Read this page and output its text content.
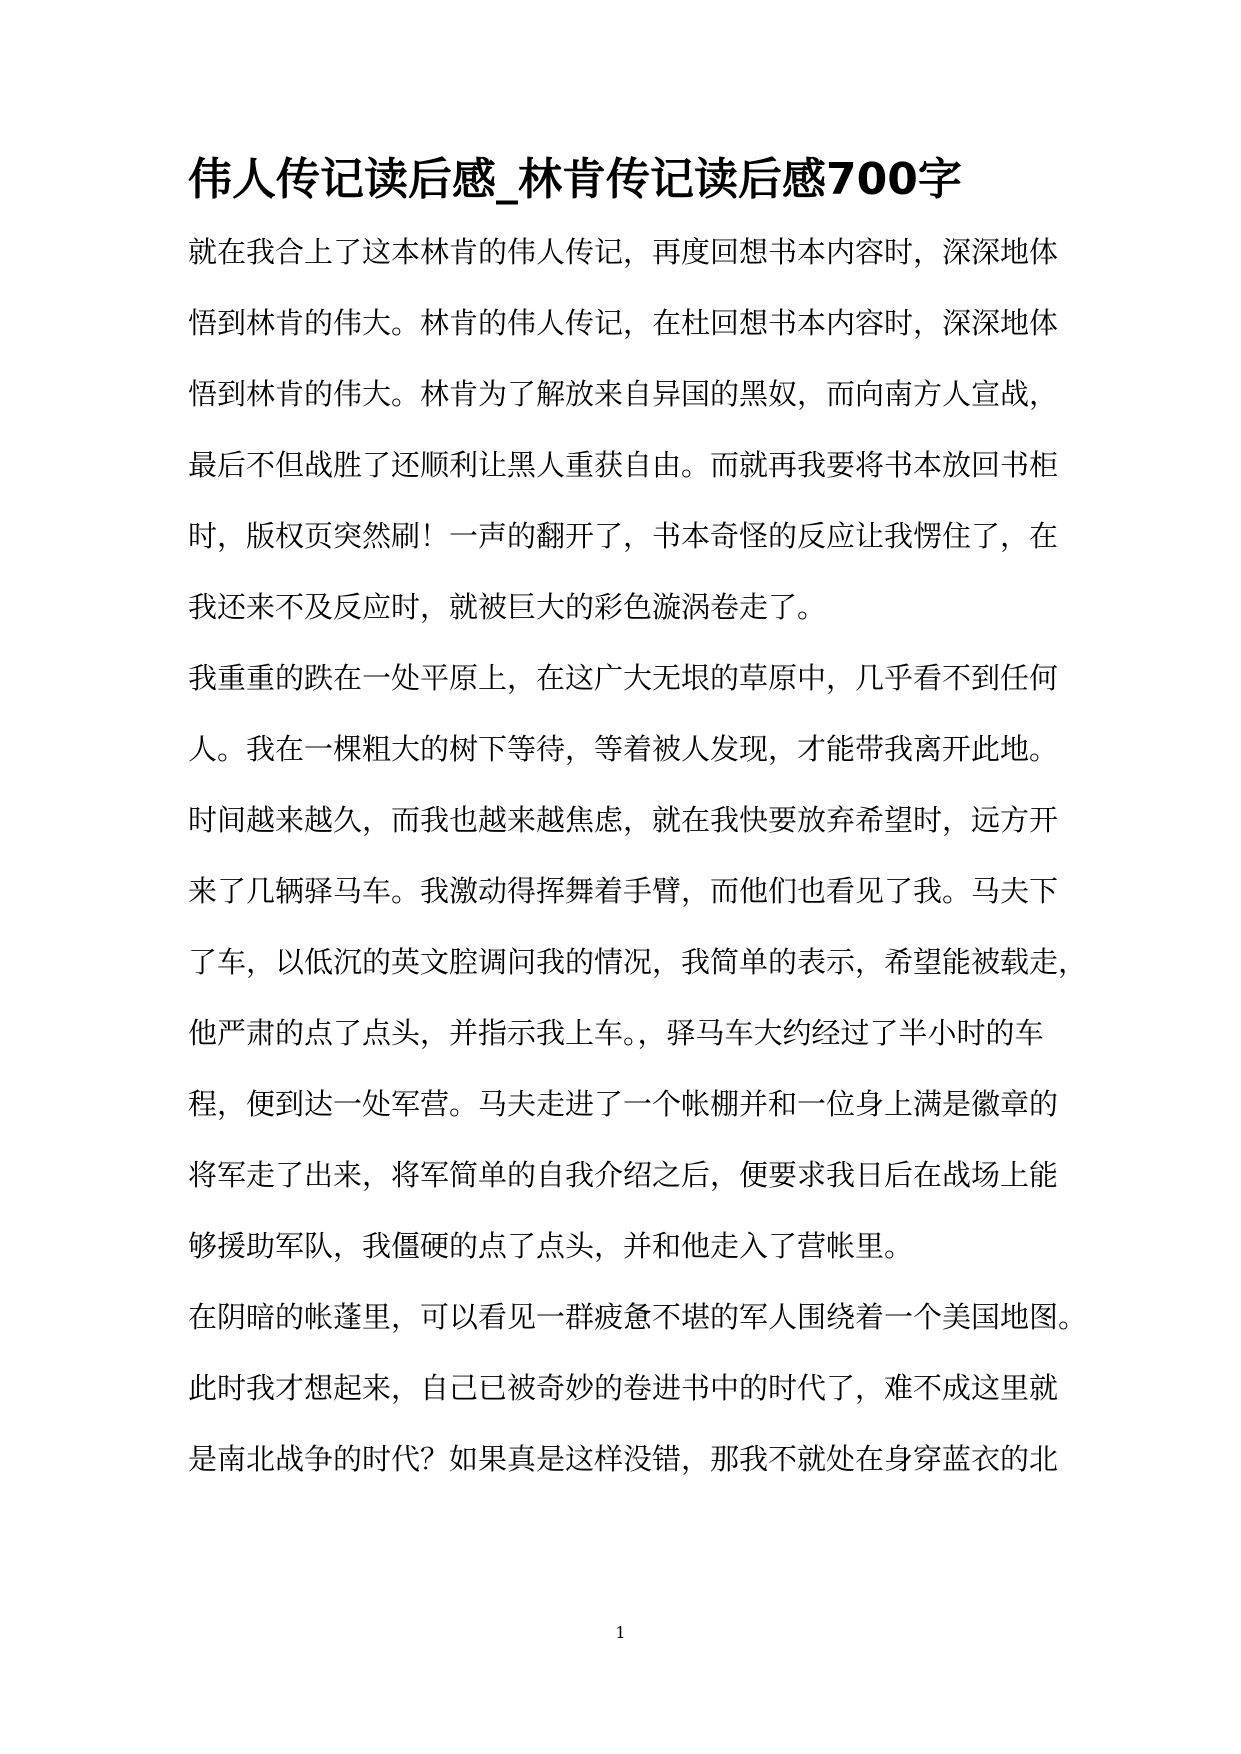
伟人传记读后感_林肯传记读后感700字

就在我合上了这本林肯的伟人传记，再度回想书本内容时，深深地体

悟到林肯的伟大。林肯的伟人传记，在杜回想书本内容时，深深地体

悟到林肯的伟大。林肯为了解放来自异国的黑奴，而向南方人宣战，

最后不但战胜了还顺利让黑人重获自由。而就再我要将书本放回书柜

时，版权页突然刷！一声的翻开了，书本奇怪的反应让我愣住了，在

我还来不及反应时，就被巨大的彩色漩涡卷走了。

我重重的跌在一处平原上，在这广大无垠的草原中，几乎看不到任何

人。我在一棵粗大的树下等待，等着被人发现，才能带我离开此地。

时间越来越久，而我也越来越焦虑，就在我快要放弃希望时，远方开

来了几辆驿马车。我激动得挥舞着手臂，而他们也看见了我。马夫下

了车，以低沉的英文腔调问我的情况，我简单的表示，希望能被载走，

他严肃的点了点头，并指示我上车。，驿马车大约经过了半小时的车

程，便到达一处军营。马夫走进了一个帐棚并和一位身上满是徽章的

将军走了出来，将军简单的自我介绍之后，便要求我日后在战场上能

够援助军队，我僵硬的点了点头，并和他走入了营帐里。

在阴暗的帐蓬里，可以看见一群疲惫不堪的军人围绕着一个美国地图。

此时我才想起来，自己已被奇妙的卷进书中的时代了，难不成这里就

是南北战争的时代？如果真是这样没错，那我不就处在身穿蓝衣的北

1
